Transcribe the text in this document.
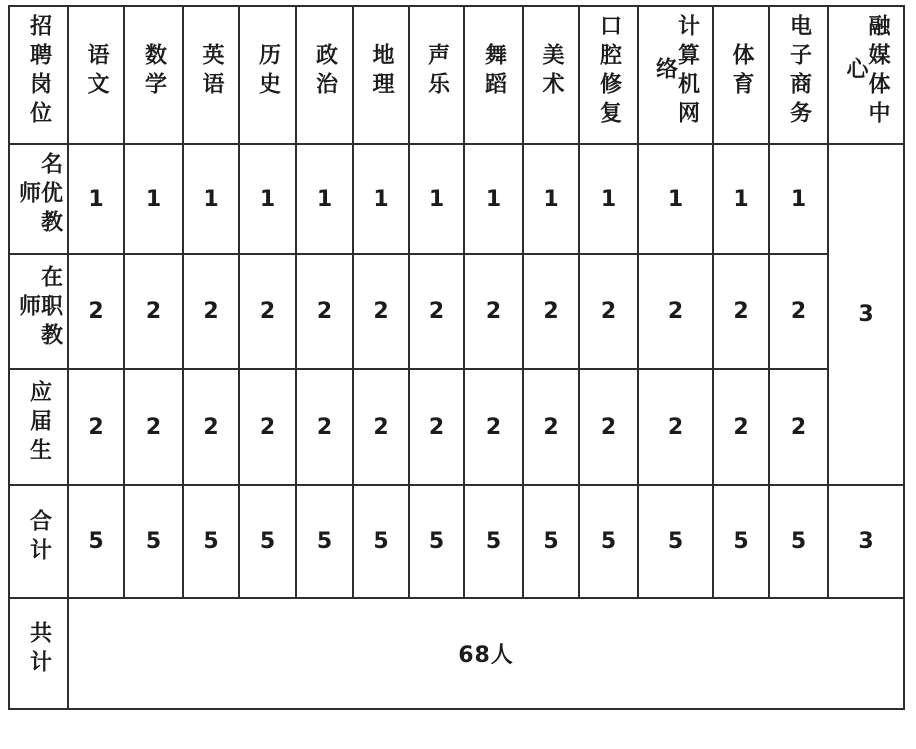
招聘岗位	语文	数学	英语	历史	政治	地理	声乐	舞蹈	美术	口腔修复	计算机网络	体育	电子商务	融媒体中心
名优教师	1	1	1	1	1	1	1	1	1	1	1	1	1	3
在职教师	2	2	2	2	2	2	2	2	2	2	2	2	2	
应届生	2	2	2	2	2	2	2	2	2	2	2	2	2	
合计	5	5	5	5	5	5	5	5	5	5	5	5	5	3
共计	68人													
